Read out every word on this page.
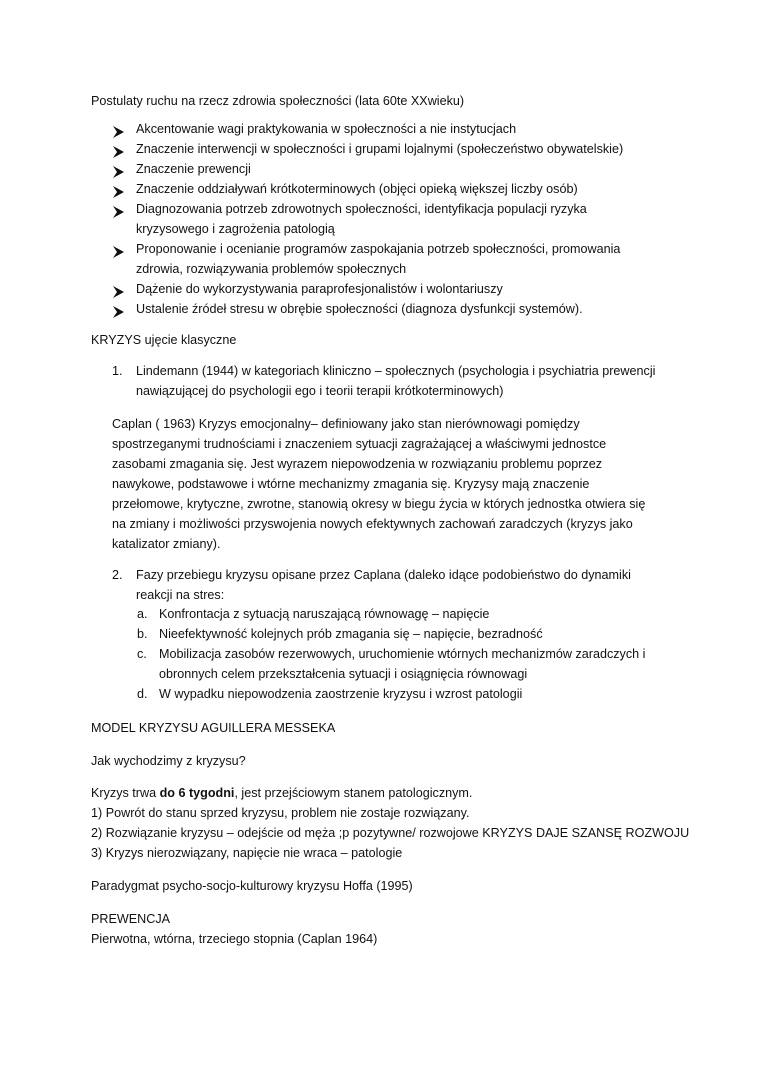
Postulaty ruchu na rzecz zdrowia społeczności (lata 60te XXwieku)
Akcentowanie wagi praktykowania w społeczności a nie instytucjach
Znaczenie interwencji w społeczności i grupami lojalnymi (społeczeństwo obywatelskie)
Znaczenie prewencji
Znaczenie oddziaływań krótkoterminowych (objęci opieką większej liczby osób)
Diagnozowania potrzeb zdrowotnych społeczności, identyfikacja populacji ryzyka
kryzysowego i zagrożenia patologią
Proponowanie i ocenianie programów zaspokajania potrzeb społeczności, promowania
zdrowia, rozwiązywania problemów społecznych
Dążenie do wykorzystywania paraprofesjonalistów i wolontariuszy
Ustalenie źródeł stresu w obrębie społeczności (diagnoza dysfunkcji systemów).
KRYZYS ujęcie klasyczne
1. Lindemann (1944) w kategoriach kliniczno – społecznych (psychologia i psychiatria prewencji
nawiązującej do psychologii ego i teorii terapii krótkoterminowych)
Caplan ( 1963) Kryzys emocjonalny– definiowany jako stan nierównowagi pomiędzy
spostrzeganymi trudnościami i znaczeniem sytuacji zagrażającej a właściwymi jednostce
zasobami zmagania się. Jest wyrazem niepowodzenia w rozwiązaniu problemu poprzez
nawykowe, podstawowe i wtórne mechanizmy zmagania się. Kryzysy mają znaczenie
przełomowe, krytyczne, zwrotne, stanowią okresy w biegu życia w których jednostka otwiera się
na zmiany i możliwości przyswojenia nowych efektywnych zachowań zaradczych (kryzys jako
katalizator zmiany).
2. Fazy przebiegu kryzysu opisane przez Caplana (daleko idące podobieństwo do dynamiki
reakcji na stres:
a. Konfrontacja z sytuacją naruszającą równowagę – napięcie
b. Nieefektywność kolejnych prób zmagania się – napięcie, bezradność
c. Mobilizacja zasobów rezerwowych, uruchomienie wtórnych mechanizmów zaradczych i
obronnych celem przekształcenia sytuacji i osiągnięcia równowagi
d. W wypadku niepowodzenia zaostrzenie kryzysu i wzrost patologii
MODEL KRYZYSU AGUILLERA MESSEKA
Jak wychodzimy z kryzysu?
Kryzys trwa do 6 tygodni, jest przejściowym stanem patologicznym.
1) Powrót do stanu sprzed kryzysu, problem nie zostaje rozwiązany.
2) Rozwiązanie kryzysu – odejście od męża ;p pozytywne/ rozwojowe KRYZYS DAJE SZANSĘ ROZWOJU
3) Kryzys nierozwiązany, napięcie nie wraca – patologie
Paradygmat psycho-socjo-kulturowy kryzysu Hoffa (1995)
PREWENCJA
Pierwotna, wtórna, trzeciego stopnia (Caplan 1964)
